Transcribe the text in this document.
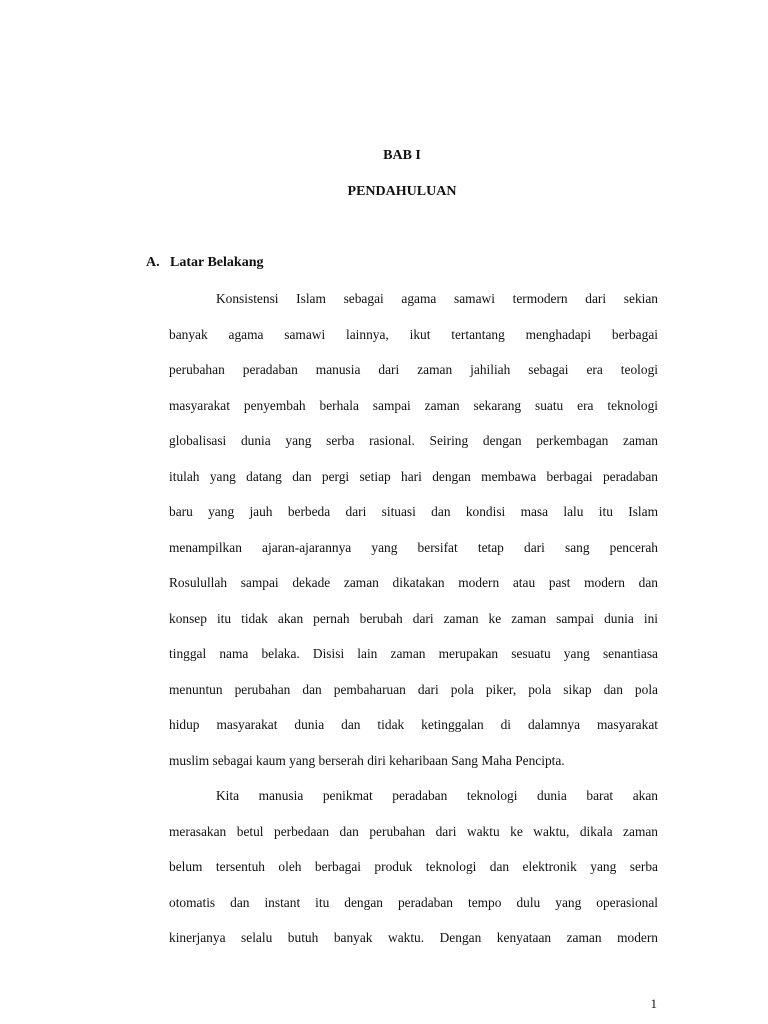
BAB I
PENDAHULUAN
A. Latar Belakang
Konsistensi Islam sebagai agama samawi termodern dari sekian
banyak agama samawi lainnya, ikut tertantang menghadapi berbagai
perubahan peradaban manusia dari zaman jahiliah sebagai era teologi
masyarakat penyembah berhala sampai zaman sekarang suatu era teknologi
globalisasi dunia yang serba rasional. Seiring dengan perkembagan zaman
itulah yang datang dan pergi setiap hari dengan membawa berbagai peradaban
baru yang jauh berbeda dari situasi dan kondisi masa lalu itu Islam
menampilkan ajaran-ajarannya yang bersifat tetap dari sang pencerah
Rosulullah sampai dekade zaman dikatakan modern atau past modern dan
konsep itu tidak akan pernah berubah dari zaman ke zaman sampai dunia ini
tinggal nama belaka. Disisi lain zaman merupakan sesuatu yang senantiasa
menuntun perubahan dan pembaharuan dari pola piker, pola sikap dan pola
hidup masyarakat dunia dan tidak ketinggalan di dalamnya masyarakat
muslim sebagai kaum yang berserah diri keharibaan Sang Maha Pencipta.
Kita manusia penikmat peradaban teknologi dunia barat akan
merasakan betul perbedaan dan perubahan dari waktu ke waktu, dikala zaman
belum tersentuh oleh berbagai produk teknologi dan elektronik yang serba
otomatis dan instant itu dengan peradaban tempo dulu yang operasional
kinerjanya selalu butuh banyak waktu. Dengan kenyataan zaman modern
1
